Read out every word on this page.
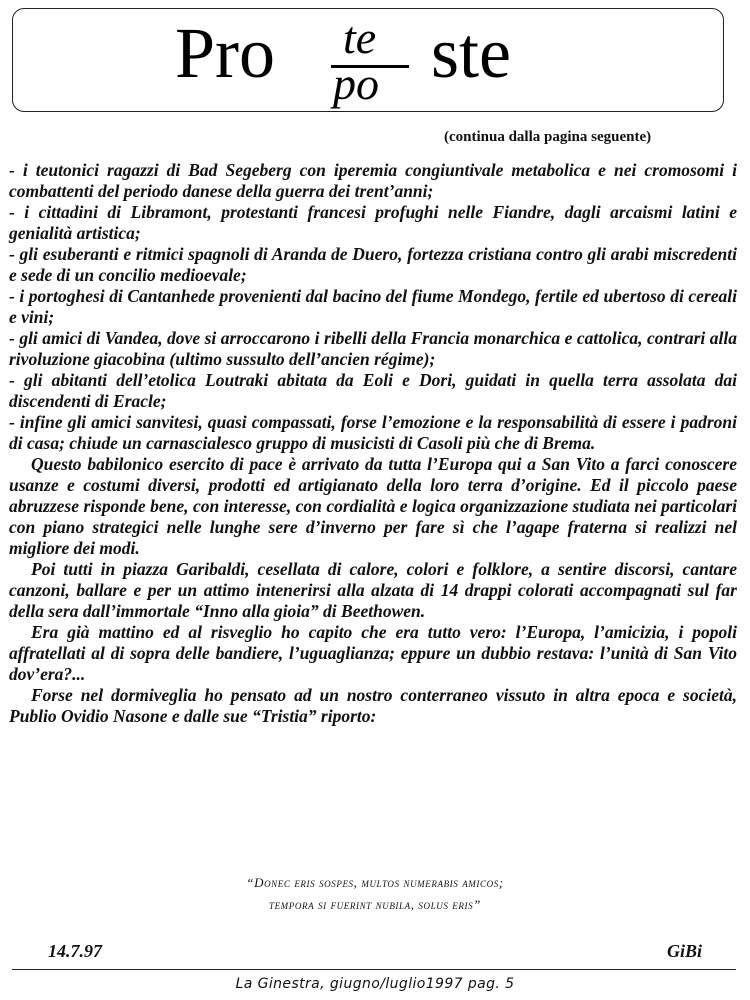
Pro te
po ste
(continua dalla pagina seguente)

- i teutonici ragazzi di Bad Segeberg con iperemia congiuntivale metabolica e nei cromosomi i combattenti del periodo danese della guerra dei trent’anni;

- i cittadini di Libramont, protestanti francesi profughi nelle Fiandre, dagli arcaismi latini e genialità artistica;

- gli esuberanti e ritmici spagnoli di Aranda de Duero, fortezza cristiana contro gli arabi miscredenti e sede di un concilio medioevale;

- i portoghesi di Cantanhede provenienti dal bacino del fiume Mondego, fertile ed ubertoso di cereali e vini;

- gli amici di Vandea, dove si arroccarono i ribelli della Francia monarchica e cattolica, contrari alla rivoluzione giacobina (ultimo sussulto dell’ancien régime);

- gli abitanti dell’etolica Loutraki abitata da Eoli e Dori, guidati in quella terra assolata dai discendenti di Eracle;

- infine gli amici sanvitesi, quasi compassati, forse l’emozione e la responsabilità di essere i padroni di casa; chiude un carnascialesco gruppo di musicisti di Casoli più che di Brema.

Questo babilonico esercito di pace è arrivato da tutta l’Europa qui a San Vito a farci conoscere usanze e costumi diversi, prodotti ed artigianato della loro terra d’origine. Ed il piccolo paese abruzzese risponde bene, con interesse, con cordialità e logica organizzazione studiata nei particolari con piano strategici nelle lunghe sere d’inverno per fare sì che l’agape fraterna si realizzi nel migliore dei modi.

Poi tutti in piazza Garibaldi, cesellata di calore, colori e folklore, a sentire discorsi, cantare canzoni, ballare e per un attimo intenerirsi alla alzata di 14 drappi colorati accompagnati sul far della sera dall’immortale “Inno alla gioia” di Beethowen.

Era già mattino ed al risveglio ho capito che era tutto vero: l’Europa, l’amicizia, i popoli affratellati al di sopra delle bandiere, l’uguaglianza; eppure un dubbio restava: l’unità di San Vito dov’era?...

Forse nel dormiveglia ho pensato ad un nostro conterraneo vissuto in altra epoca e società, Publio Ovidio Nasone e dalle sue “Tristia” riporto:

“Donec eris sospes, multos numerabis amicos;
tempora si fuerint nubila, solus eris”
14.7.97	GiBi
La Ginestra, giugno/luglio1997 pag. 5
